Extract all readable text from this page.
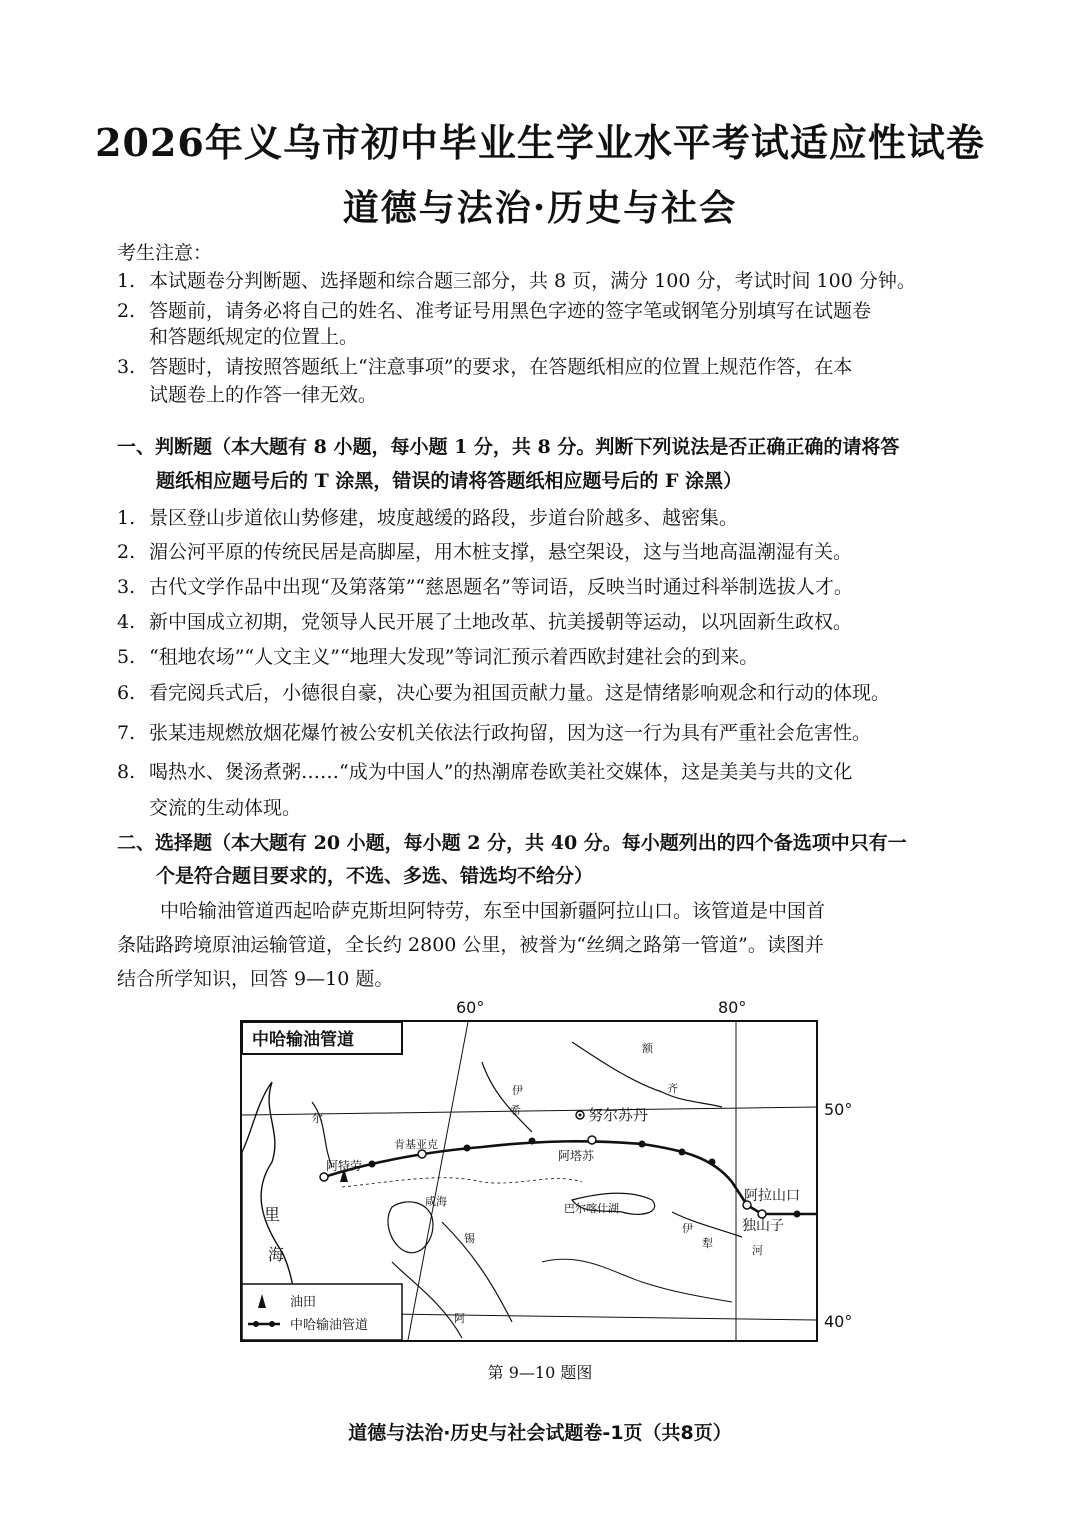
2026年义乌市初中毕业生学业水平考试适应性试卷
道德与法治·历史与社会
考生注意：
1. 本试题卷分判断题、选择题和综合题三部分，共 8 页，满分 100 分，考试时间 100 分钟。
2. 答题前，请务必将自己的姓名、准考证号用黑色字迹的签字笔或钢笔分别填写在试题卷
和答题纸规定的位置上。
3. 答题时，请按照答题纸上“注意事项”的要求，在答题纸相应的位置上规范作答，在本
试题卷上的作答一律无效。
一、判断题（本大题有 8 小题，每小题 1 分，共 8 分。判断下列说法是否正确正确的请将答
题纸相应题号后的 T 涂黑，错误的请将答题纸相应题号后的 F 涂黑）
1. 景区登山步道依山势修建，坡度越缓的路段，步道台阶越多、越密集。
2. 湄公河平原的传统民居是高脚屋，用木桩支撑，悬空架设，这与当地高温潮湿有关。
3. 古代文学作品中出现“及第落第”“慈恩题名”等词语，反映当时通过科举制选拔人才。
4. 新中国成立初期，党领导人民开展了土地改革、抗美援朝等运动，以巩固新生政权。
5. “租地农场”“人文主义”“地理大发现”等词汇预示着西欧封建社会的到来。
6. 看完阅兵式后，小德很自豪，决心要为祖国贡献力量。这是情绪影响观念和行动的体现。
7. 张某违规燃放烟花爆竹被公安机关依法行政拘留，因为这一行为具有严重社会危害性。
8. 喝热水、煲汤煮粥……“成为中国人”的热潮席卷欧美社交媒体，这是美美与共的文化
交流的生动体现。
二、选择题（本大题有 20 小题，每小题 2 分，共 40 分。每小题列出的四个备选项中只有一
个是符合题目要求的，不选、多选、错选均不给分）
中哈输油管道西起哈萨克斯坦阿特劳，东至中国新疆阿拉山口。该管道是中国首
条陆路跨境原油运输管道，全长约 2800 公里，被誉为“丝绸之路第一管道”。读图并
结合所学知识，回答 9—10 题。
60°	80°
50°
40°
中哈输油管道
里
海
咸海
巴尔喀什湖
伊
希
尔
额
齐
锡
阿
伊
犁
河
努尔苏丹
阿特劳
肯基亚克
阿塔苏
阿拉山口
独山子
油田
中哈输油管道
第 9—10 题图
道德与法治·历史与社会试题卷-1页（共8页）
